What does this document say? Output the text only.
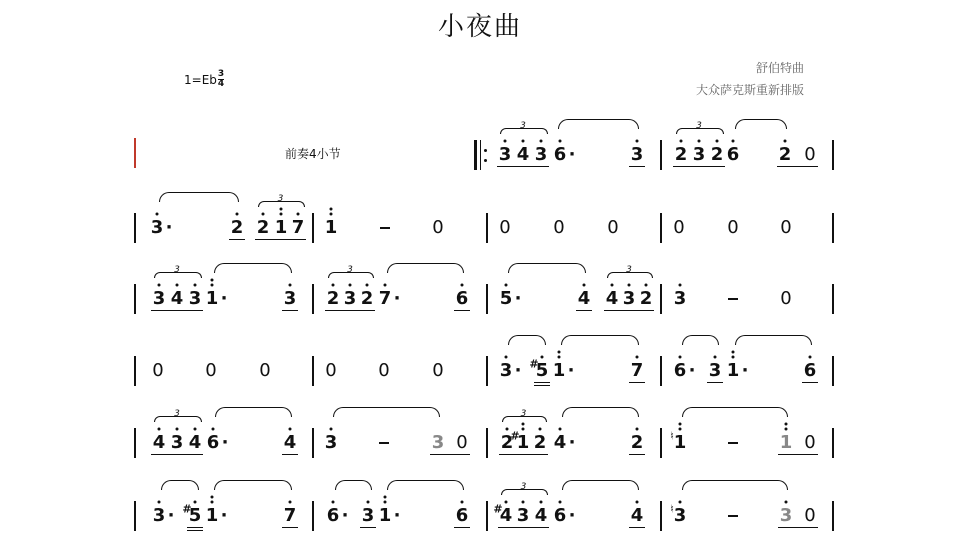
小夜曲
$1=Eb \frac{3}{4}$
舒伯特曲
大众萨克斯重新排版
前奏4小节	3 4 3 6 ·	3 2 3 2 6 2 0
3	3
3 ·	2 2 1 7 1	0	0 0 0	0 0 0
3
3 4 3 1 ·	3 2 3 2 7 ·	6 5 ·	4 4 3 2 3	0
3	3	3
0 0 0	0 0 0	3 · 5
# 1 ·	7 6 · 3 1 ·	6
4 3 4 6 ·	4 3	3 0 2 1
# 2 4 ·	2 1
♮	1 0
3	3
3 · 5
# 1 ·	7 6 · 3 1 ·	6 4
# 3 4 6 ·	4 3
♮	3 0
3
